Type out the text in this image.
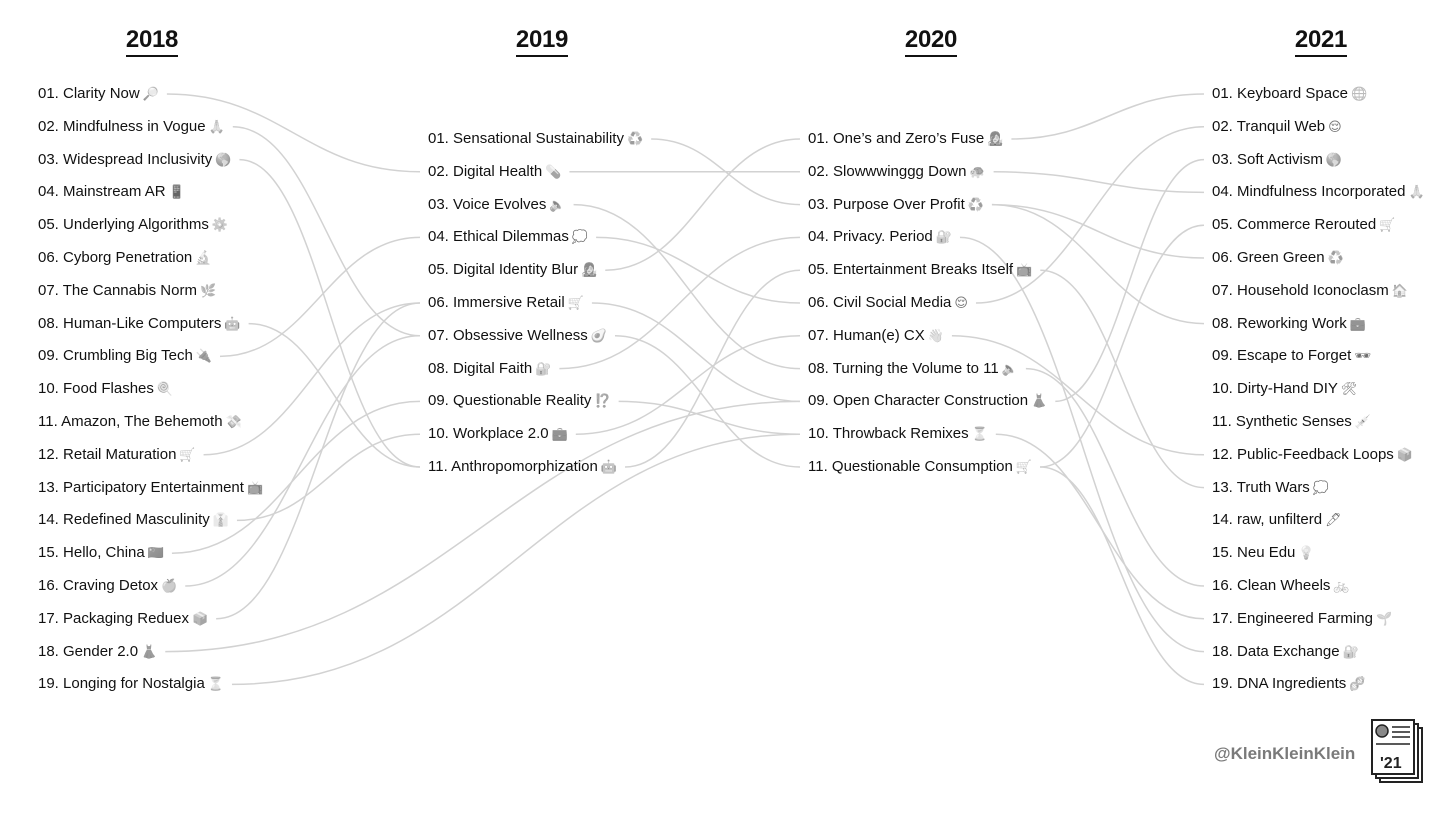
2018	2019	2020	2021
01. Clarity Now 🔎
02. Mindfulness in Vogue 🙏
03. Widespread Inclusivity 🌎
04. Mainstream AR 📱
05. Underlying Algorithms ⚙️
06. Cyborg Penetration 🔬
07. The Cannabis Norm 🌿
08. Human-Like Computers 🤖
09. Crumbling Big Tech 🔌
10. Food Flashes 🍭
11. Amazon, The Behemoth 💸
12. Retail Maturation 🛒
13. Participatory Entertainment 📺
14. Redefined Masculinity 👔
15. Hello, China 🇨🇳
16. Craving Detox 🍏
17. Packaging Reduex 📦
18. Gender 2.0 👗
19. Longing for Nostalgia ⏳
01. Sensational Sustainability ♻️
02. Digital Health 💊
03. Voice Evolves 🔈
04. Ethical Dilemmas 💭
05. Digital Identity Blur 👩‍🎤
06. Immersive Retail 🛒
07. Obsessive Wellness 🥑
08. Digital Faith 🔐
09. Questionable Reality ⁉️
10. Workplace 2.0 💼
11. Anthropomorphization 🤖
01. One’s and Zero’s Fuse 👩‍🎤
02. Slowwwinggg Down 🐢
03. Purpose Over Profit ♻️
04. Privacy. Period 🔐
05. Entertainment Breaks Itself 📺
06. Civil Social Media 😌
07. Human(e) CX 👋
08. Turning the Volume to 11 🔈
09. Open Character Construction 👗
10. Throwback Remixes ⏳
11. Questionable Consumption 🛒
01. Keyboard Space 🌐
02. Tranquil Web 😌
03. Soft Activism 🌎
04. Mindfulness Incorporated 🙏
05. Commerce Rerouted 🛒
06. Green Green ♻️
07. Household Iconoclasm 🏠
08. Reworking Work 💼
09. Escape to Forget 🕶
10. Dirty-Hand DIY 🛠
11. Synthetic Senses 💉
12. Public-Feedback Loops 📦
13. Truth Wars 💭
14. raw, unfilterd 🖊
15. Neu Edu 💡
16. Clean Wheels 🚲
17. Engineered Farming 🌱
18. Data Exchange 🔐
19. DNA Ingredients 🧬
@KleinKleinKlein
'21
